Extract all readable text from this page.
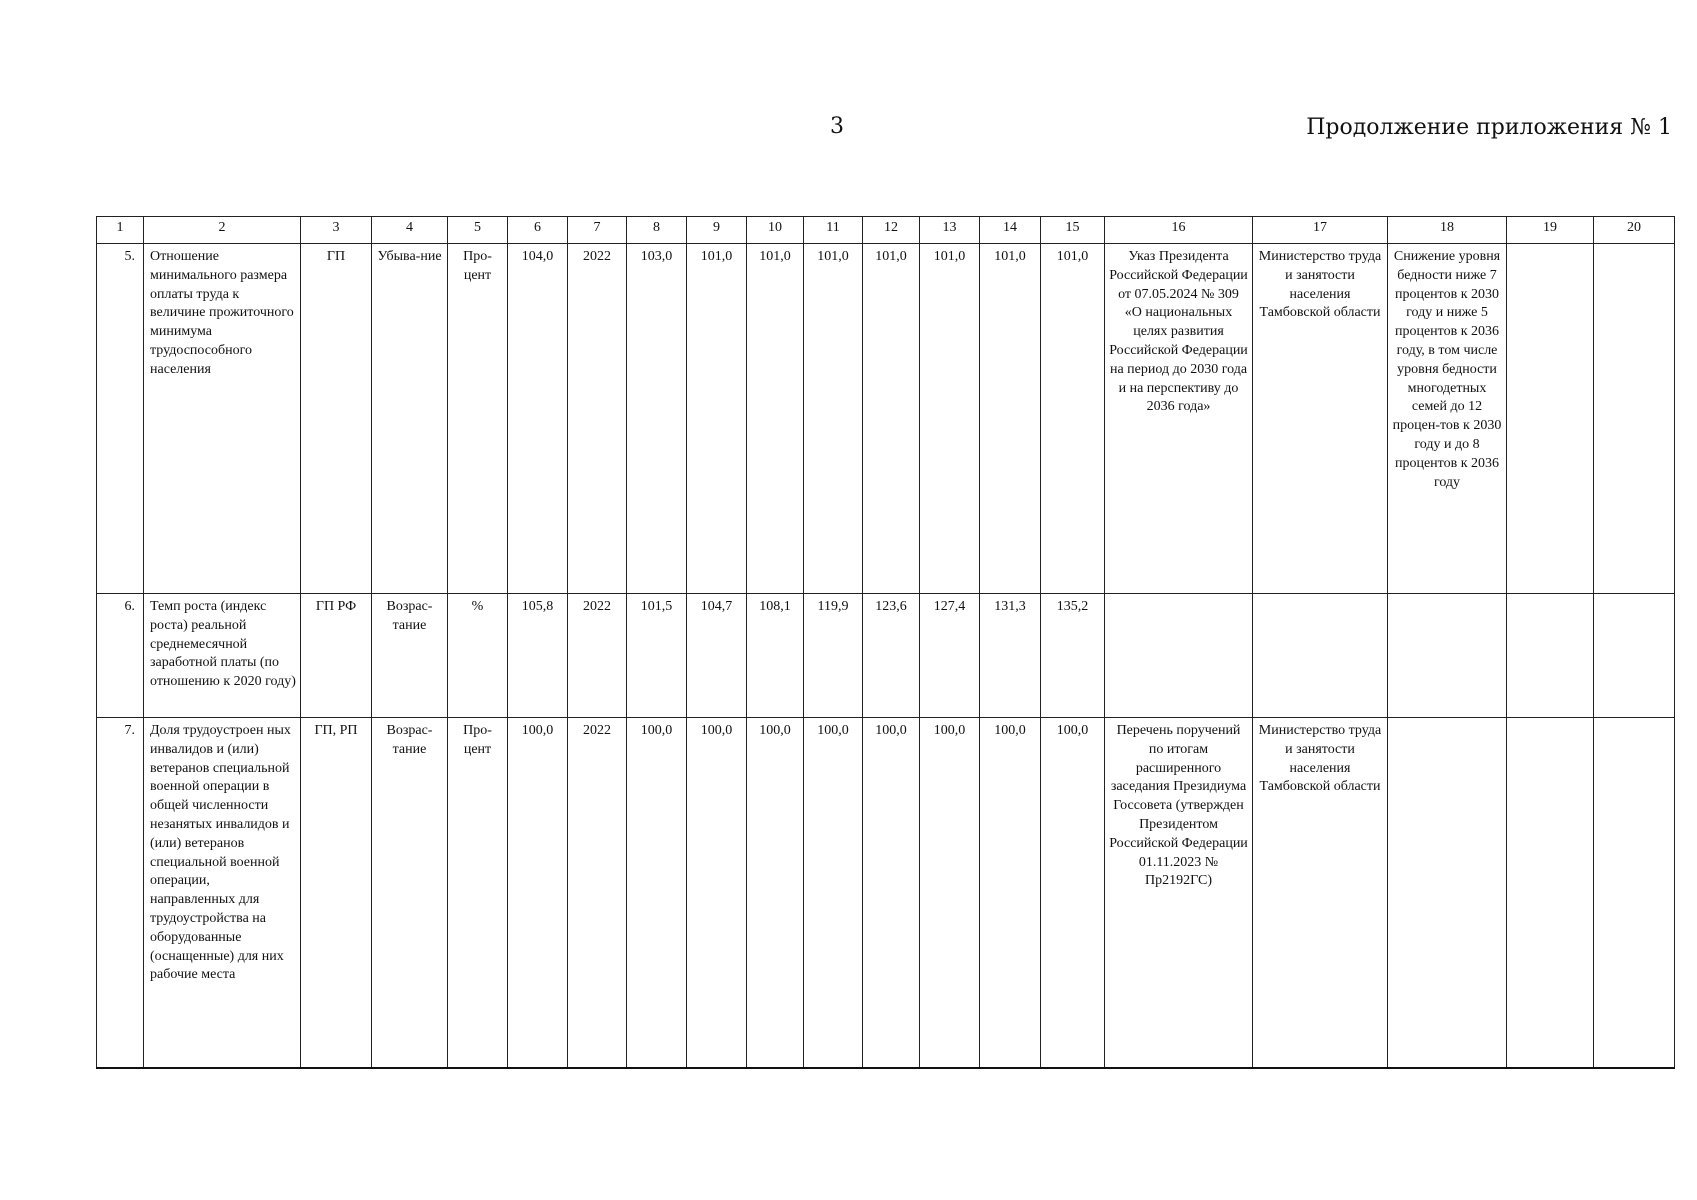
3	Продолжение приложения № 1
1	2	3	4	5	6	7	8	9	10	11	12	13	14	15	16	17	18	19	20
5.	Отношение минимального размера оплаты труда к величине прожиточного минимума трудоспособного населения	ГП	Убыва-ние	Про-цент	104,0	2022	103,0	101,0	101,0	101,0	101,0	101,0	101,0	101,0	Указ Президента Российской Федерации от 07.05.2024 № 309 «О национальных целях развития Российской Федерации на период до 2030 года и на перспективу до 2036 года»	Министерство труда и занятости населения Тамбовской области	Снижение уровня бедности ниже 7 процентов к 2030 году и ниже 5 процентов к 2036 году, в том числе уровня бедности многодетных семей до 12 процен-тов к 2030 году и до 8 процентов к 2036 году		
6.	Темп роста (индекс роста) реальной среднемесячной заработной платы (по отношению к 2020 году)	ГП РФ	Возрас-тание	%	105,8	2022	101,5	104,7	108,1	119,9	123,6	127,4	131,3	135,2					
7.	Доля трудоустроен ных инвалидов и (или) ветеранов специальной военной операции в общей численности незанятых инвалидов и (или) ветеранов специальной военной операции, направленных для трудоустройства на оборудованные (оснащенные) для них рабочие места	ГП, РП	Возрас-тание	Про-цент	100,0	2022	100,0	100,0	100,0	100,0	100,0	100,0	100,0	100,0	Перечень поручений по итогам расширенного заседания Президиума Госсовета (утвержден Президентом Российской Федерации 01.11.2023 № Пр2192ГС)	Министерство труда и занятости населения Тамбовской области			
